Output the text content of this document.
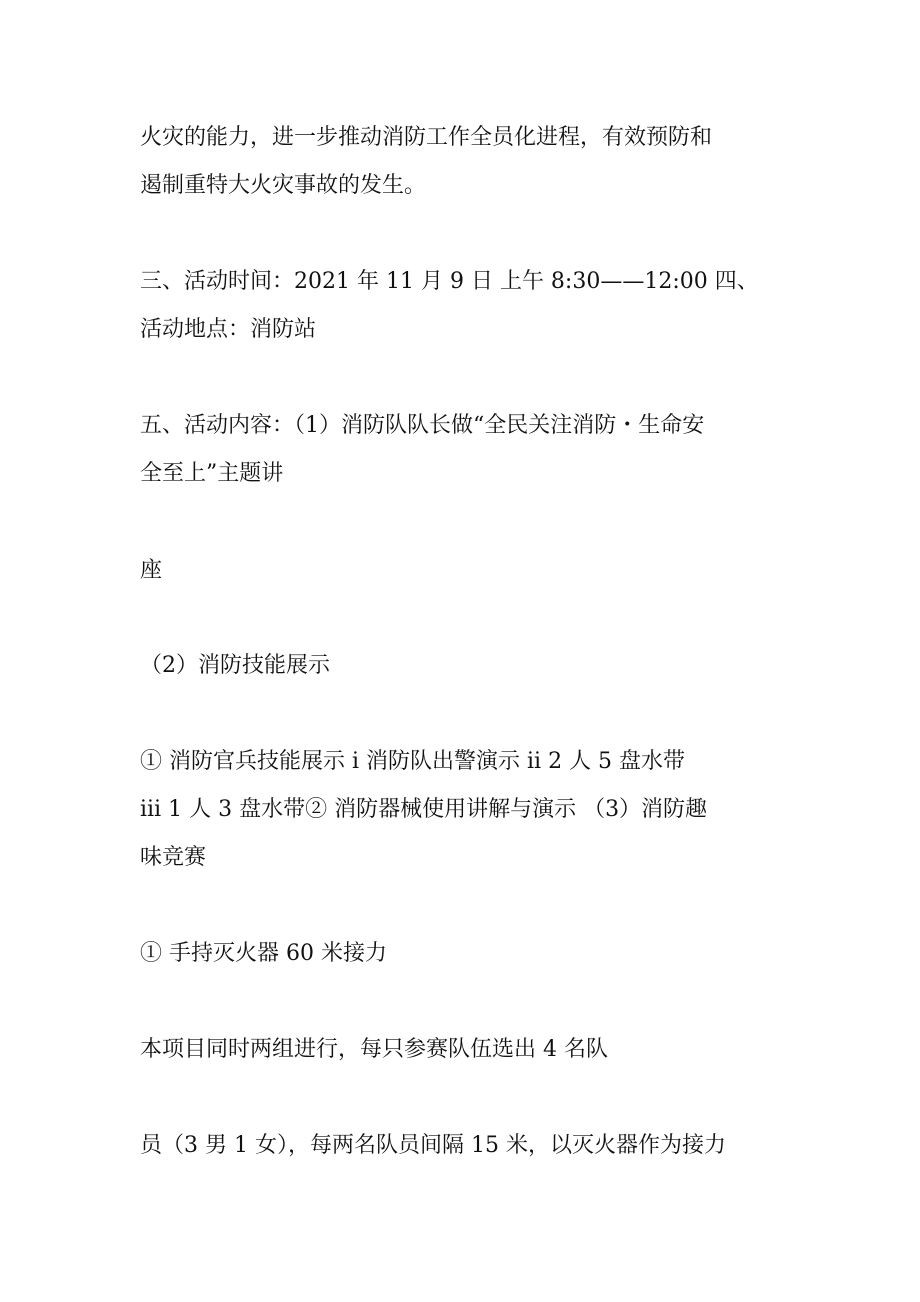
火灾的能力，进一步推动消防工作全员化进程，有效预防和
遏制重特大火灾事故的发生。

三、活动时间：2021 年 11 月 9 日 上午 8:30——12:00 四、
活动地点：消防站

五、活动内容：（1）消防队队长做“全民关注消防・生命安
全至上”主题讲

座

（2）消防技能展示

① 消防官兵技能展示 ⅰ 消防队出警演示 ⅱ 2 人 5 盘水带
ⅲ 1 人 3 盘水带② 消防器械使用讲解与演示 （3）消防趣
味竞赛

① 手持灭火器 60 米接力

本项目同时两组进行，每只参赛队伍选出 4 名队

员（3 男 1 女），每两名队员间隔 15 米，以灭火器作为接力
